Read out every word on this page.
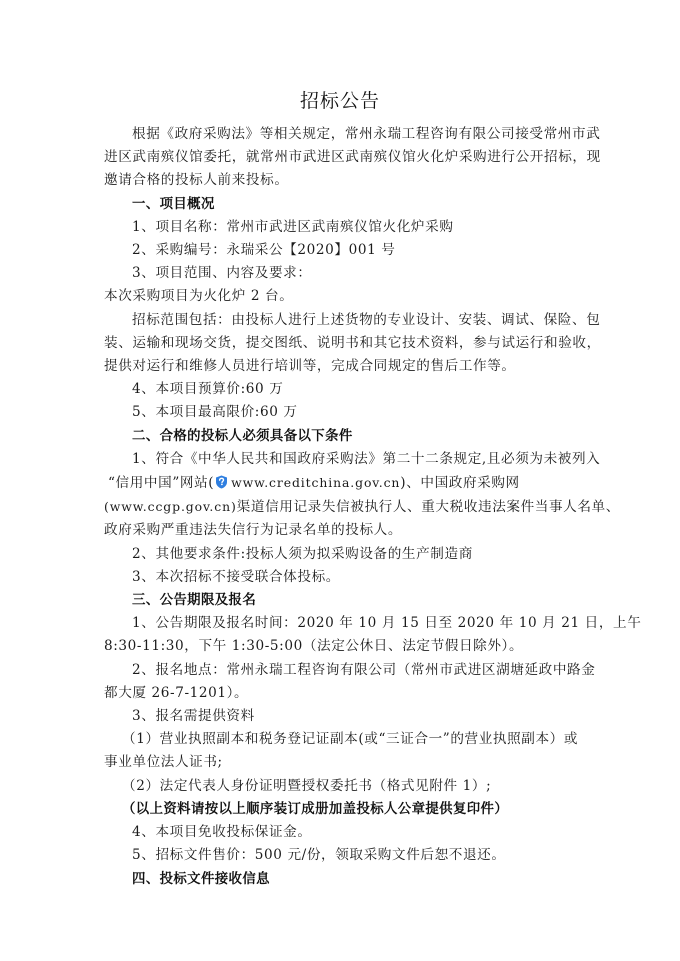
招标公告

根据《政府采购法》等相关规定，常州永瑞工程咨询有限公司接受常州市武

进区武南殡仪馆委托，就常州市武进区武南殡仪馆火化炉采购进行公开招标，现

邀请合格的投标人前来投标。

一、项目概况

1、项目名称：常州市武进区武南殡仪馆火化炉采购

2、采购编号：永瑞采公【2020】001 号

3、项目范围、内容及要求：

本次采购项目为火化炉 2 台。

招标范围包括：由投标人进行上述货物的专业设计、安装、调试、保险、包

装、运输和现场交货，提交图纸、说明书和其它技术资料，参与试运行和验收，

提供对运行和维修人员进行培训等，完成合同规定的售后工作等。

4、本项目预算价:60 万

5、本项目最高限价:60 万

二、合格的投标人必须具备以下条件

1、符合《中华人民共和国政府采购法》第二十二条规定,且必须为未被列入

“信用中国”网站( www.creditchina.gov.cn)、中国政府采购网

(www.ccgp.gov.cn)渠道信用记录失信被执行人、重大税收违法案件当事人名单、

政府采购严重违法失信行为记录名单的投标人。

2、其他要求条件:投标人须为拟采购设备的生产制造商

3、本次招标不接受联合体投标。

三、公告期限及报名

1、公告期限及报名时间：2020 年 10 月 15 日至 2020 年 10 月 21 日，上午

8:30-11:30，下午 1:30-5:00（法定公休日、法定节假日除外）。

2、报名地点：常州永瑞工程咨询有限公司（常州市武进区湖塘延政中路金

都大厦 26-7-1201）。

3、报名需提供资料

（1）营业执照副本和税务登记证副本(或“三证合一”的营业执照副本）或

事业单位法人证书;

（2）法定代表人身份证明暨授权委托书（格式见附件 1）;

（以上资料请按以上顺序装订成册加盖投标人公章提供复印件）

4、本项目免收投标保证金。

5、招标文件售价：500 元/份，领取采购文件后恕不退还。

四、投标文件接收信息
